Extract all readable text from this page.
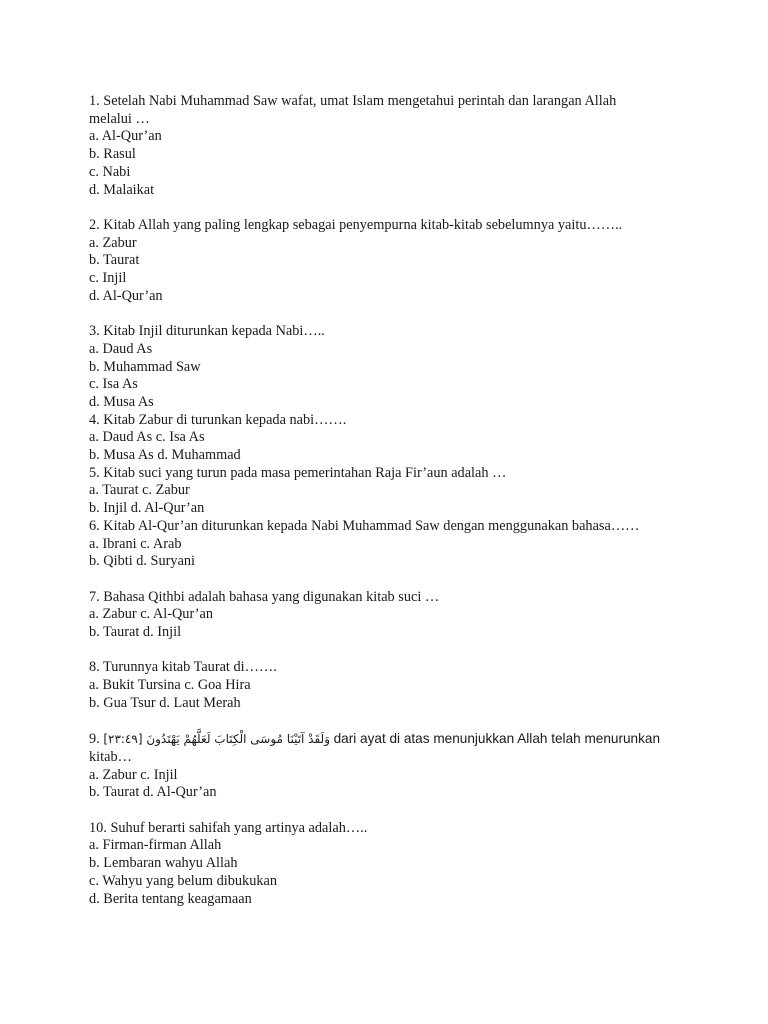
1. Setelah Nabi Muhammad Saw wafat, umat Islam mengetahui perintah dan larangan Allah
melalui …
a. Al-Qur’an
b. Rasul
c. Nabi
d. Malaikat
2. Kitab Allah yang paling lengkap sebagai penyempurna kitab-kitab sebelumnya yaitu……..
a. Zabur
b. Taurat
c. Injil
d. Al-Qur’an
3. Kitab Injil diturunkan kepada Nabi…..
a. Daud As
b. Muhammad Saw
c. Isa As
d. Musa As
4. Kitab Zabur di turunkan kepada nabi…….
a. Daud As c. Isa As
b. Musa As d. Muhammad
5. Kitab suci yang turun pada masa pemerintahan Raja Fir’aun adalah …
a. Taurat c. Zabur
b. Injil d. Al-Qur’an
6. Kitab Al-Qur’an diturunkan kepada Nabi Muhammad Saw dengan menggunakan bahasa……
a. Ibrani c. Arab
b. Qibti d. Suryani
7. Bahasa Qithbi adalah bahasa yang digunakan kitab suci …
a. Zabur c. Al-Qur’an
b. Taurat d. Injil
8. Turunnya kitab Taurat di…….
a. Bukit Tursina c. Goa Hira
b. Gua Tsur d. Laut Merah
9. وَلَقَدْ آتَيْنَا مُوسَى الْكِتَابَ لَعَلَّهُمْ يَهْتَدُونَ [٢٣:٤٩] dari ayat di atas menunjukkan Allah telah menurunkan
kitab…
a. Zabur c. Injil
b. Taurat d. Al-Qur’an
10. Suhuf berarti sahifah yang artinya adalah…..
a. Firman-firman Allah
b. Lembaran wahyu Allah
c. Wahyu yang belum dibukukan
d. Berita tentang keagamaan
